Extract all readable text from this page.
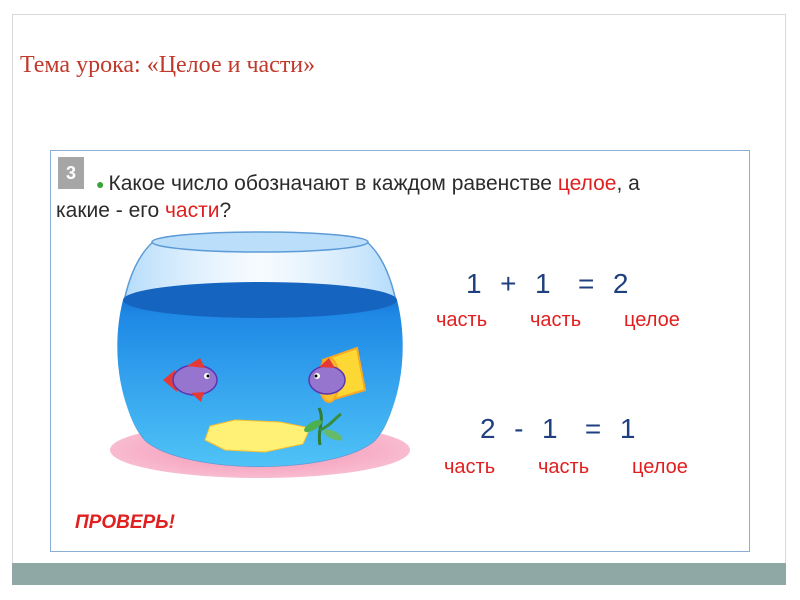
Тема урока: «Целое и части»
3
● Какое число обозначают в каждом равенстве целое, а
какие - его части?
1  +  1   =  2
часть часть целое
2  -  1   =  1
часть часть целое
ПРОВЕРЬ!
